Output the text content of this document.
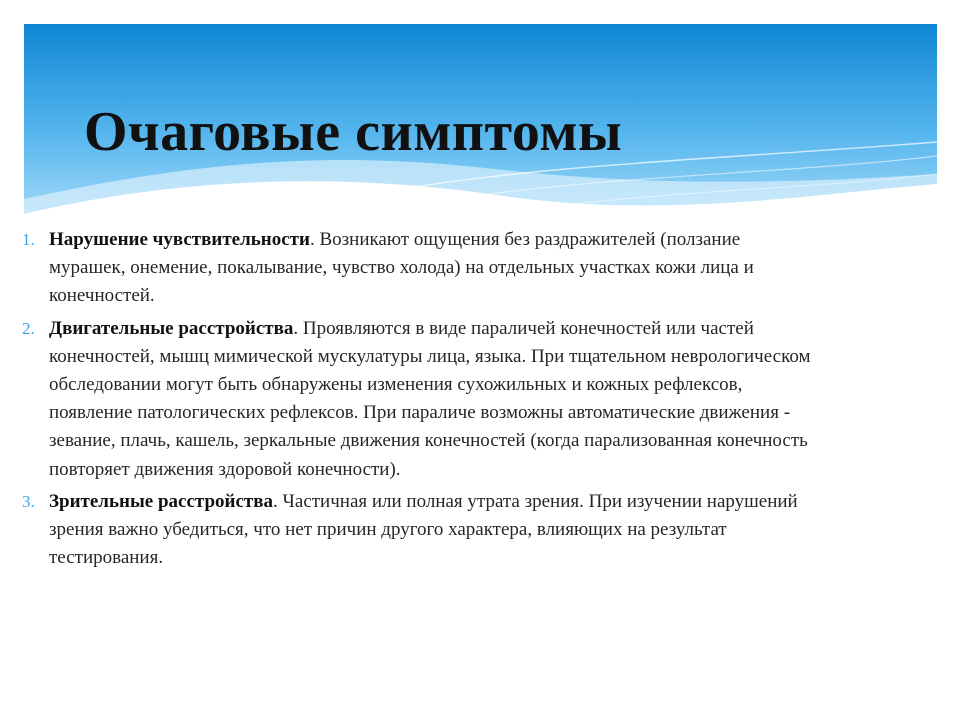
Очаговые симптомы
1. Нарушение чувствительности. Возникают ощущения без раздражителей (ползание мурашек, онемение, покалывание, чувство холода) на отдельных участках кожи лица и конечностей.
2. Двигательные расстройства. Проявляются в виде параличей конечностей или частей конечностей, мышц мимической мускулатуры лица, языка. При тщательном неврологическом обследовании могут быть обнаружены изменения сухожильных и кожных рефлексов, появление патологических рефлексов. При параличе возможны автоматические движения - зевание, плачь, кашель, зеркальные движения конечностей (когда парализованная конечность повторяет движения здоровой конечности).
3. Зрительные расстройства. Частичная или полная утрата зрения. При изучении нарушений зрения важно убедиться, что нет причин другого характера, влияющих на результат тестирования.
